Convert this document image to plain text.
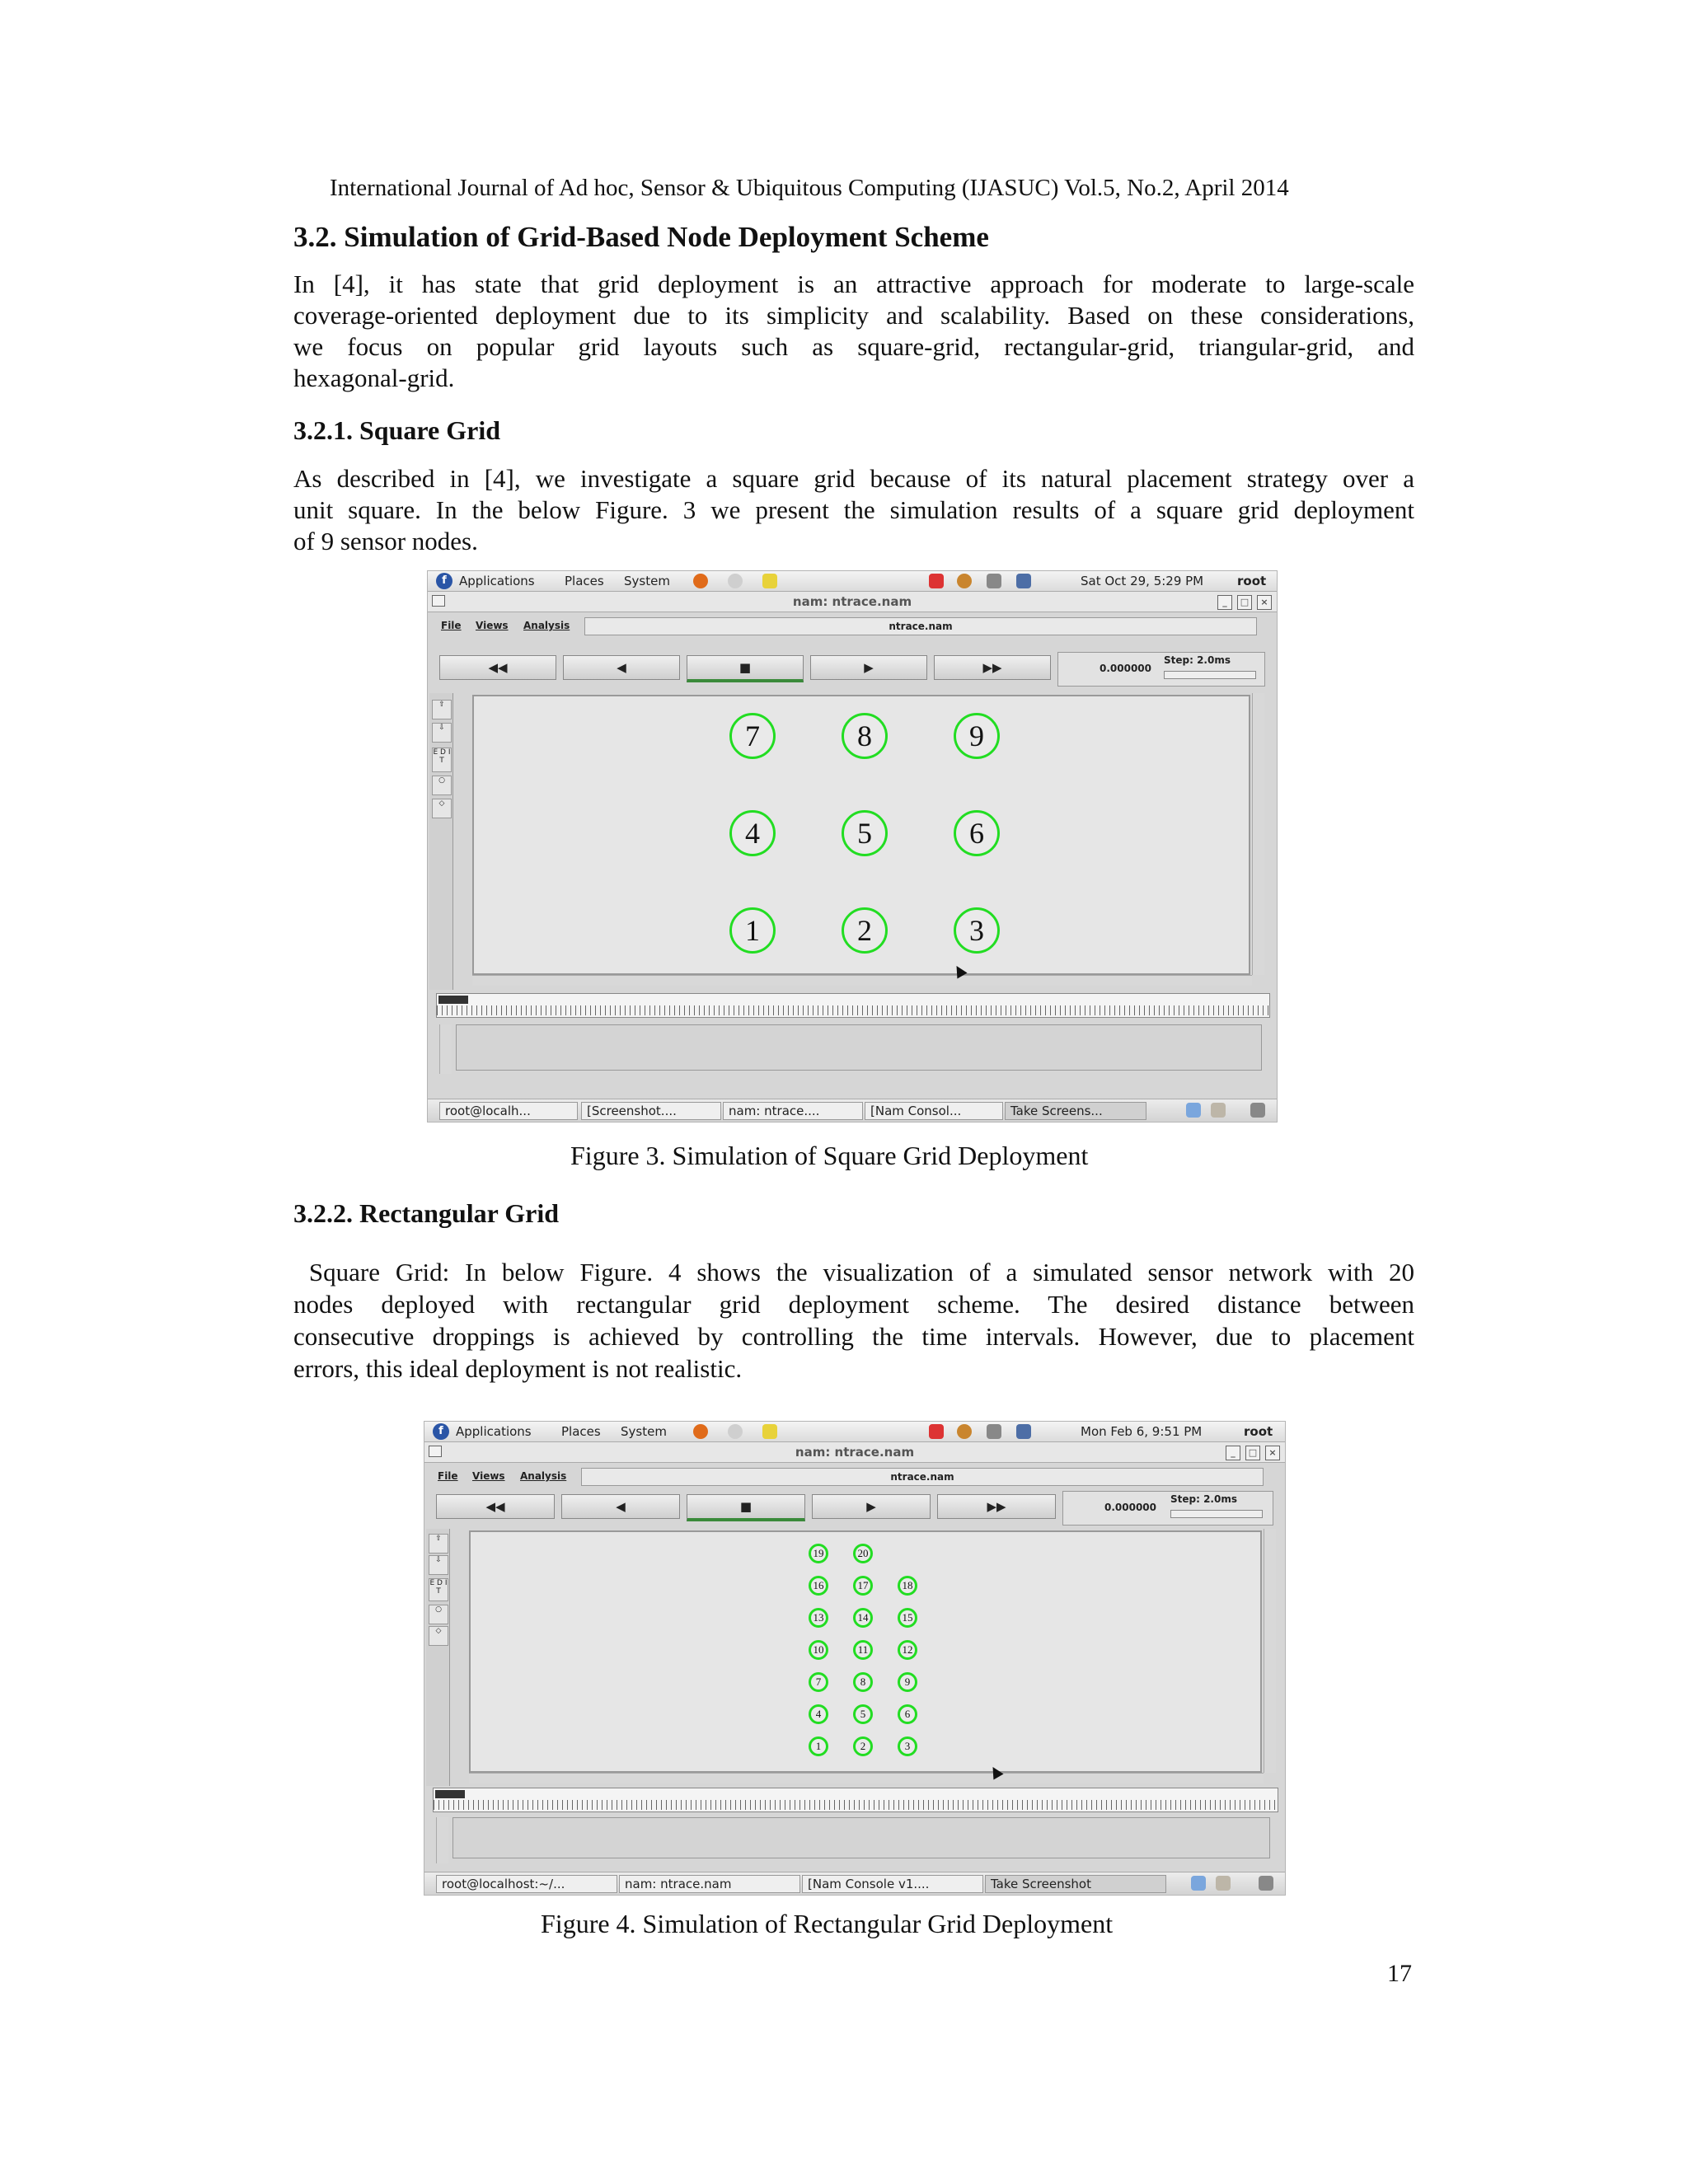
International Journal of Ad hoc, Sensor & Ubiquitous Computing (IJASUC) Vol.5, No.2, April 2014
3.2. Simulation of Grid-Based Node Deployment Scheme
In [4], it has state that grid deployment is an attractive approach for moderate to large-scale
coverage-oriented deployment due to its simplicity and scalability. Based on these considerations,
we focus on popular grid layouts such as square-grid, rectangular-grid, triangular-grid, and
hexagonal-grid.
3.2.1. Square Grid
As described in [4], we investigate a square grid because of its natural placement strategy over a
unit square. In the below Figure. 3 we present the simulation results of a square grid deployment
of 9 sensor nodes.
f	Applications Places System	Sat Oct 29, 5:29 PM	root
nam: ntrace.nam	_	□	×
File Views Analysis	ntrace.nam
◀◀	◀	■	▶	▶▶	0.000000
Step: 2.0ms
⇧
⇩
E D I T
○
◇
7	8	9
4	5	6
1	2	3
root@localh...	[Screenshot....	nam: ntrace....	[Nam Consol...	Take Screens...
Figure 3. Simulation of Square Grid Deployment
3.2.2. Rectangular Grid
Square Grid: In below Figure. 4 shows the visualization of a simulated sensor network with 20
nodes deployed with rectangular grid deployment scheme. The desired distance between
consecutive droppings is achieved by controlling the time intervals. However, due to placement
errors, this ideal deployment is not realistic.
f	Applications Places System	Mon Feb 6, 9:51 PM	root
nam: ntrace.nam	_	□	×
File Views Analysis	ntrace.nam
◀◀	◀	■	▶	▶▶	0.000000
Step: 2.0ms
⇧
⇩
E D I T
○
◇
19	20
16	17	18
13	14	15
10	11	12
7	8	9
4	5	6
1	2	3
root@localhost:~/...	nam: ntrace.nam	[Nam Console v1....	Take Screenshot
Figure 4. Simulation of Rectangular Grid Deployment
17
